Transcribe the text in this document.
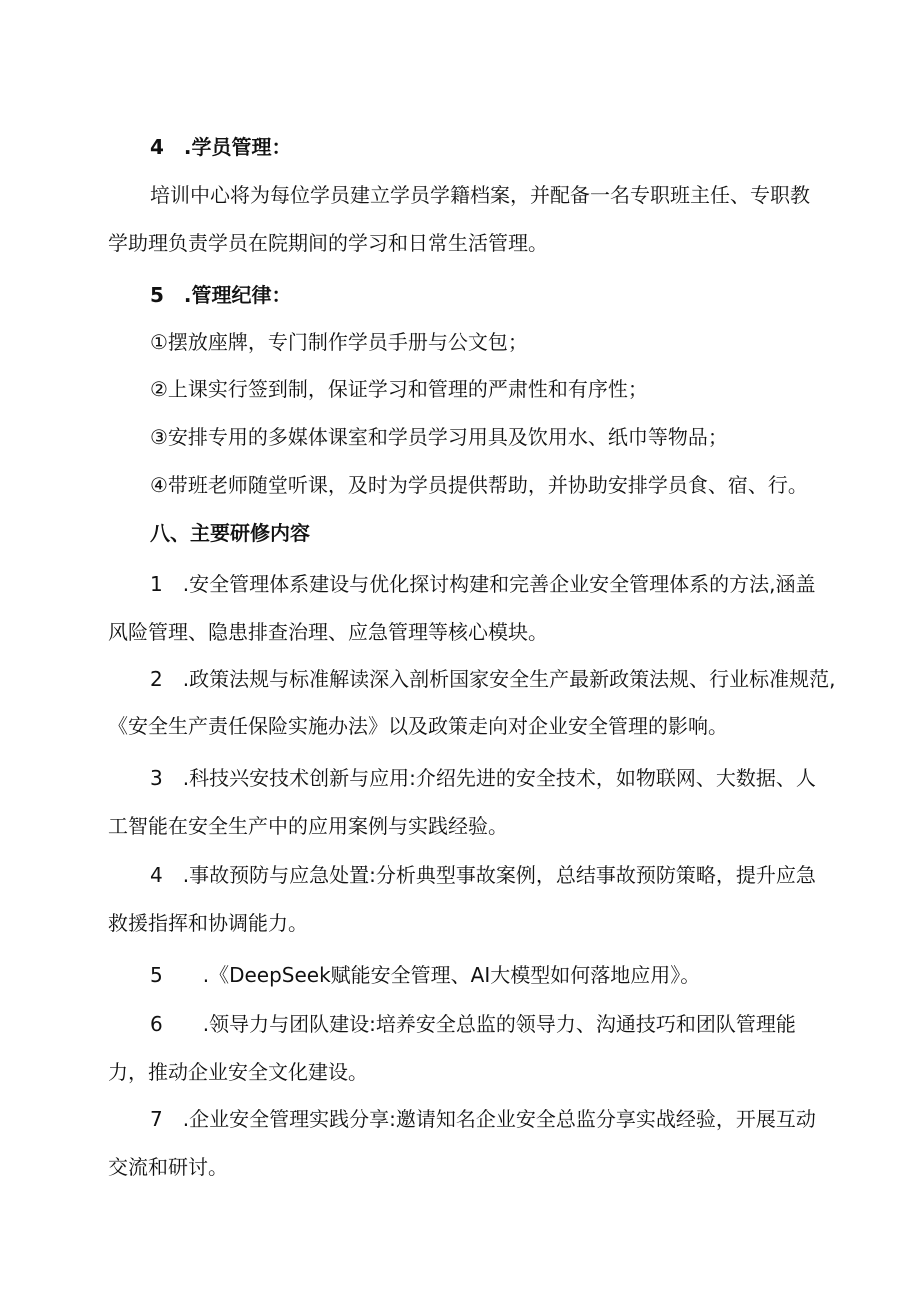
4　.学员管理：
培训中心将为每位学员建立学员学籍档案，并配备一名专职班主任、专职教
学助理负责学员在院期间的学习和日常生活管理。
5　.管理纪律：
①摆放座牌，专门制作学员手册与公文包；
②上课实行签到制，保证学习和管理的严肃性和有序性；
③安排专用的多媒体课室和学员学习用具及饮用水、纸巾等物品；
④带班老师随堂听课，及时为学员提供帮助，并协助安排学员食、宿、行。
八、主要研修内容
1　.安全管理体系建设与优化探讨构建和完善企业安全管理体系的方法,涵盖
风险管理、隐患排查治理、应急管理等核心模块。
2　.政策法规与标准解读深入剖析国家安全生产最新政策法规、行业标准规范,
《安全生产责任保险实施办法》以及政策走向对企业安全管理的影响。
3　.科技兴安技术创新与应用:介绍先进的安全技术，如物联网、大数据、人
工智能在安全生产中的应用案例与实践经验。
4　.事故预防与应急处置:分析典型事故案例，总结事故预防策略，提升应急
救援指挥和协调能力。
5　　.《DeepSeek赋能安全管理、AI大模型如何落地应用》。
6　　.领导力与团队建设:培养安全总监的领导力、沟通技巧和团队管理能
力，推动企业安全文化建设。
7　.企业安全管理实践分享:邀请知名企业安全总监分享实战经验，开展互动
交流和研讨。
